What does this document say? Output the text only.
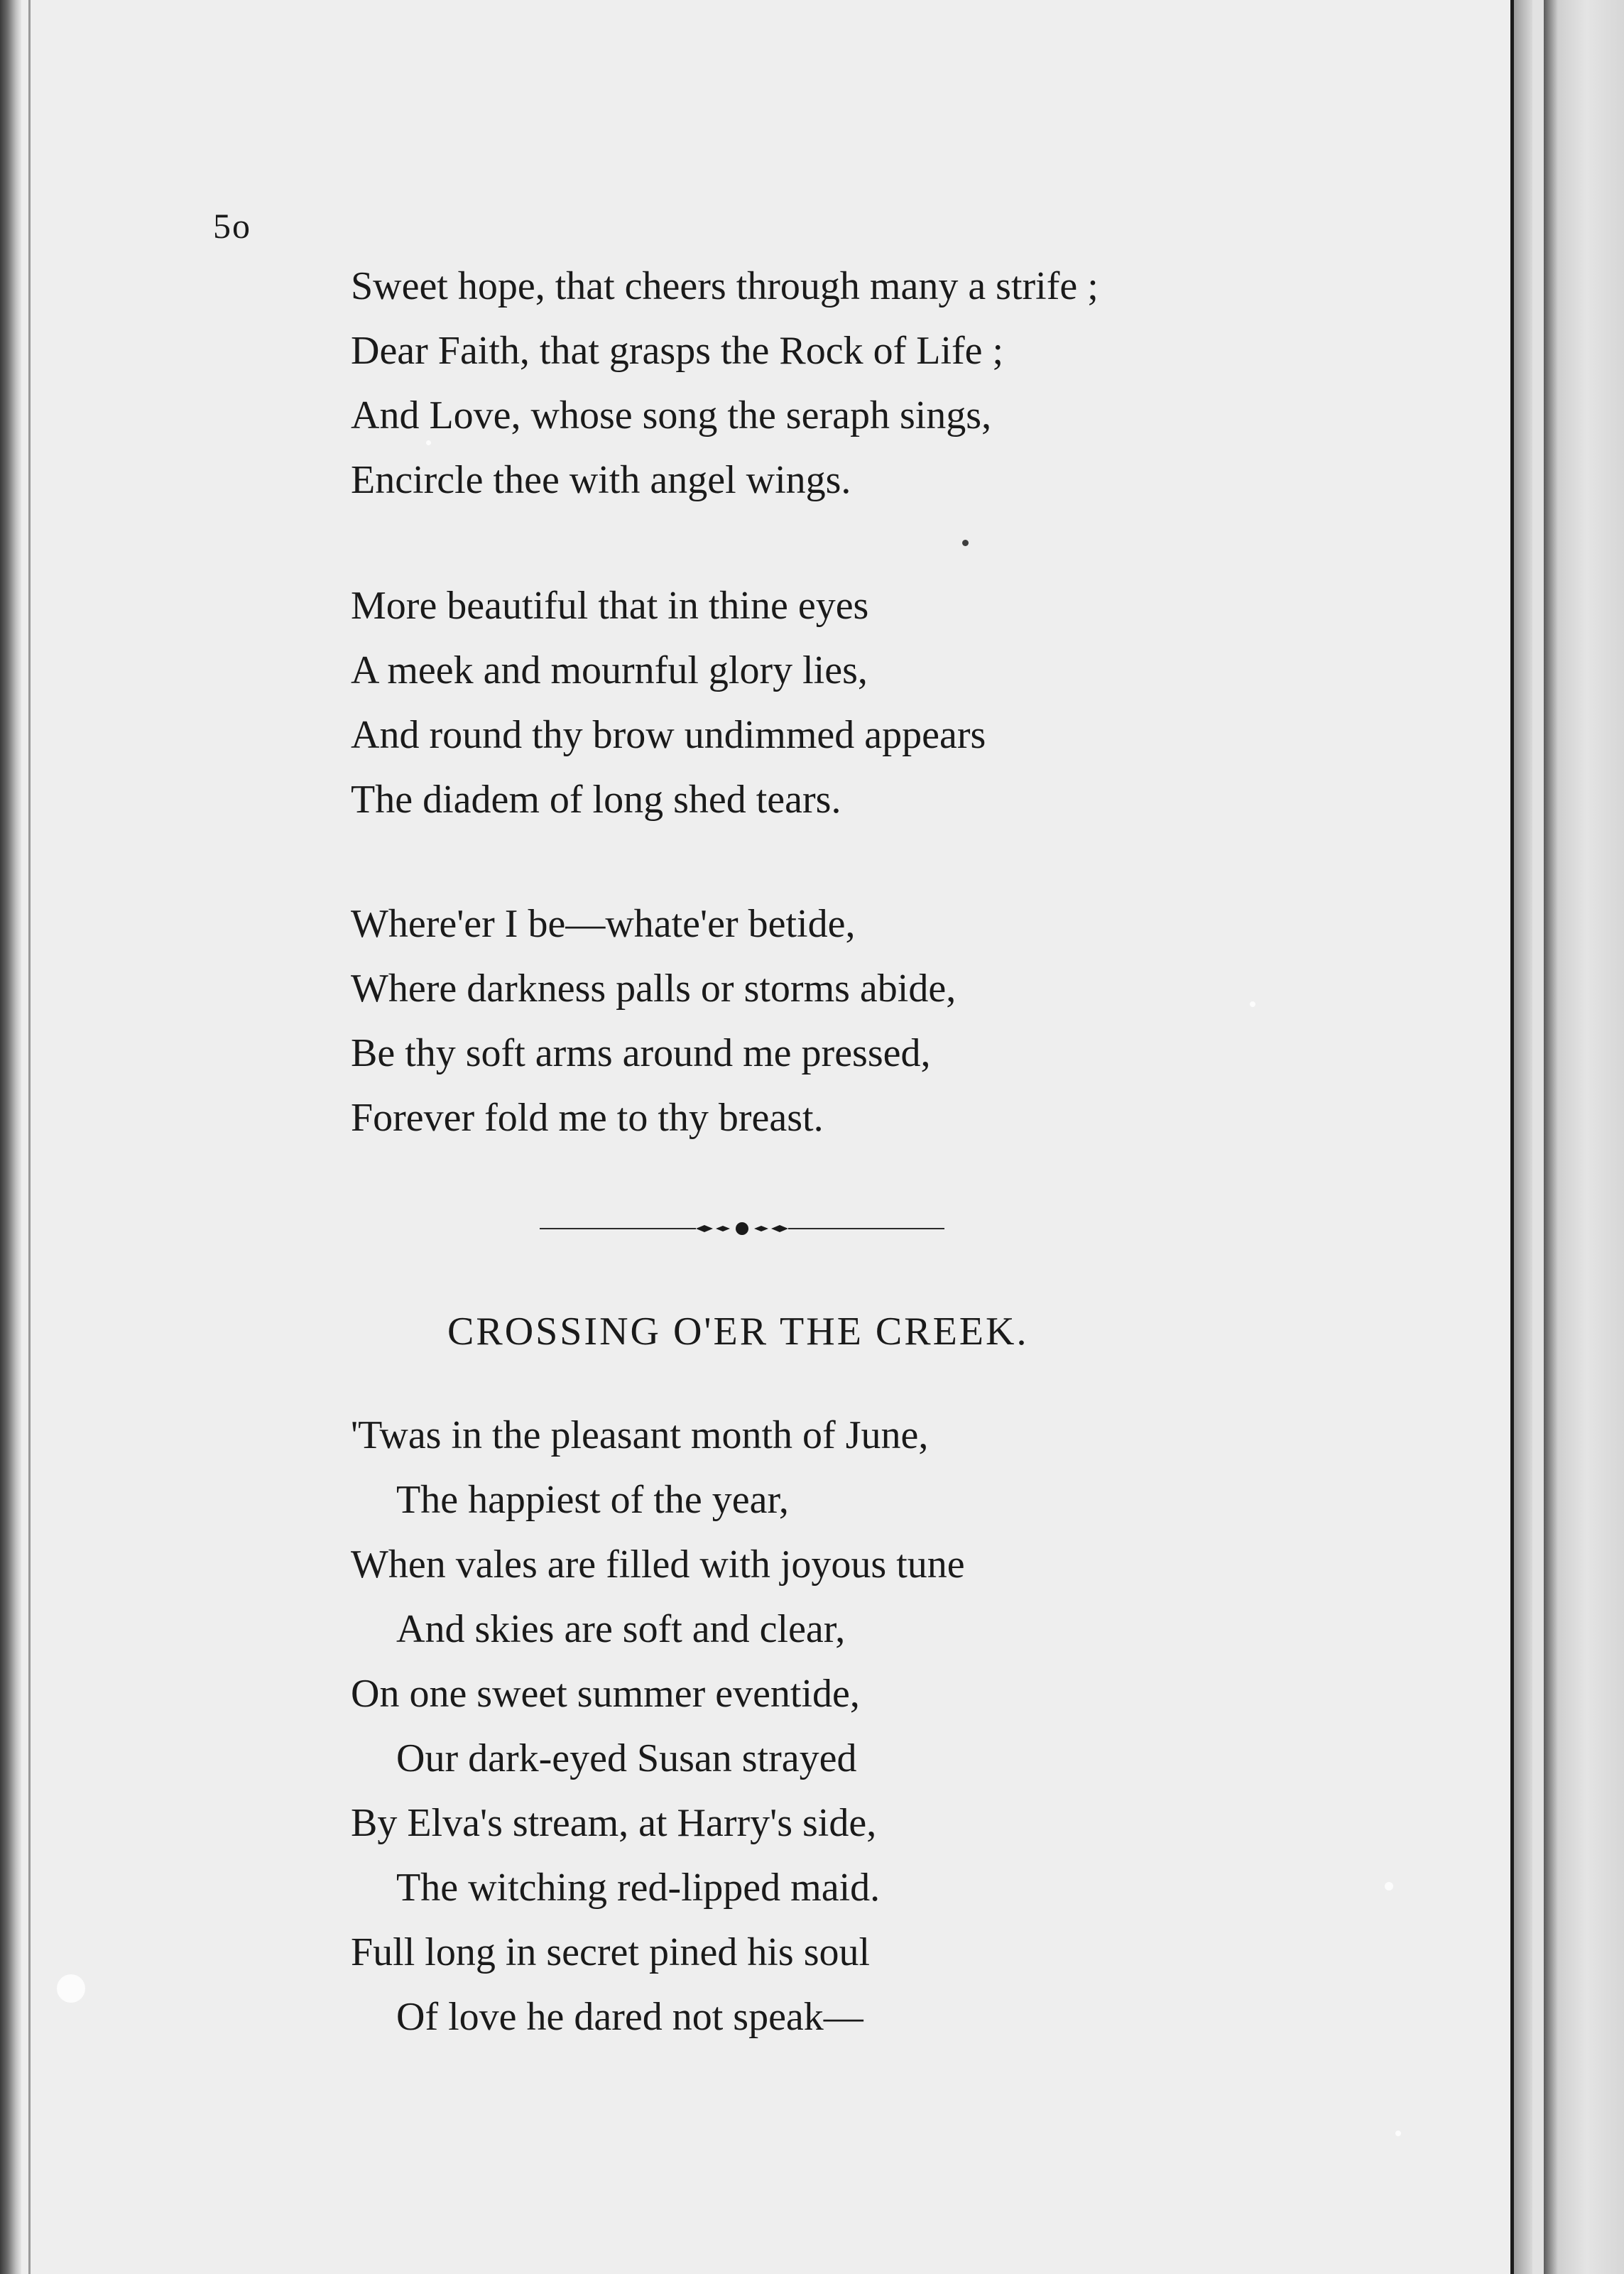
5o
Sweet hope, that cheers through many a strife ;
Dear Faith, that grasps the Rock of Life ;
And Love, whose song the seraph sings,
Encircle thee with angel wings.
More beautiful that in thine eyes
A meek and mournful glory lies,
And round thy brow undimmed appears
The diadem of long shed tears.
Where'er I be—whate'er betide,
Where darkness palls or storms abide,
Be thy soft arms around me pressed,
Forever fold me to thy breast.
CROSSING O'ER THE CREEK.
'Twas in the pleasant month of June,
The happiest of the year,
When vales are filled with joyous tune
And skies are soft and clear,
On one sweet summer eventide,
Our dark-eyed Susan strayed
By Elva's stream, at Harry's side,
The witching red-lipped maid.
Full long in secret pined his soul
Of love he dared not speak—
